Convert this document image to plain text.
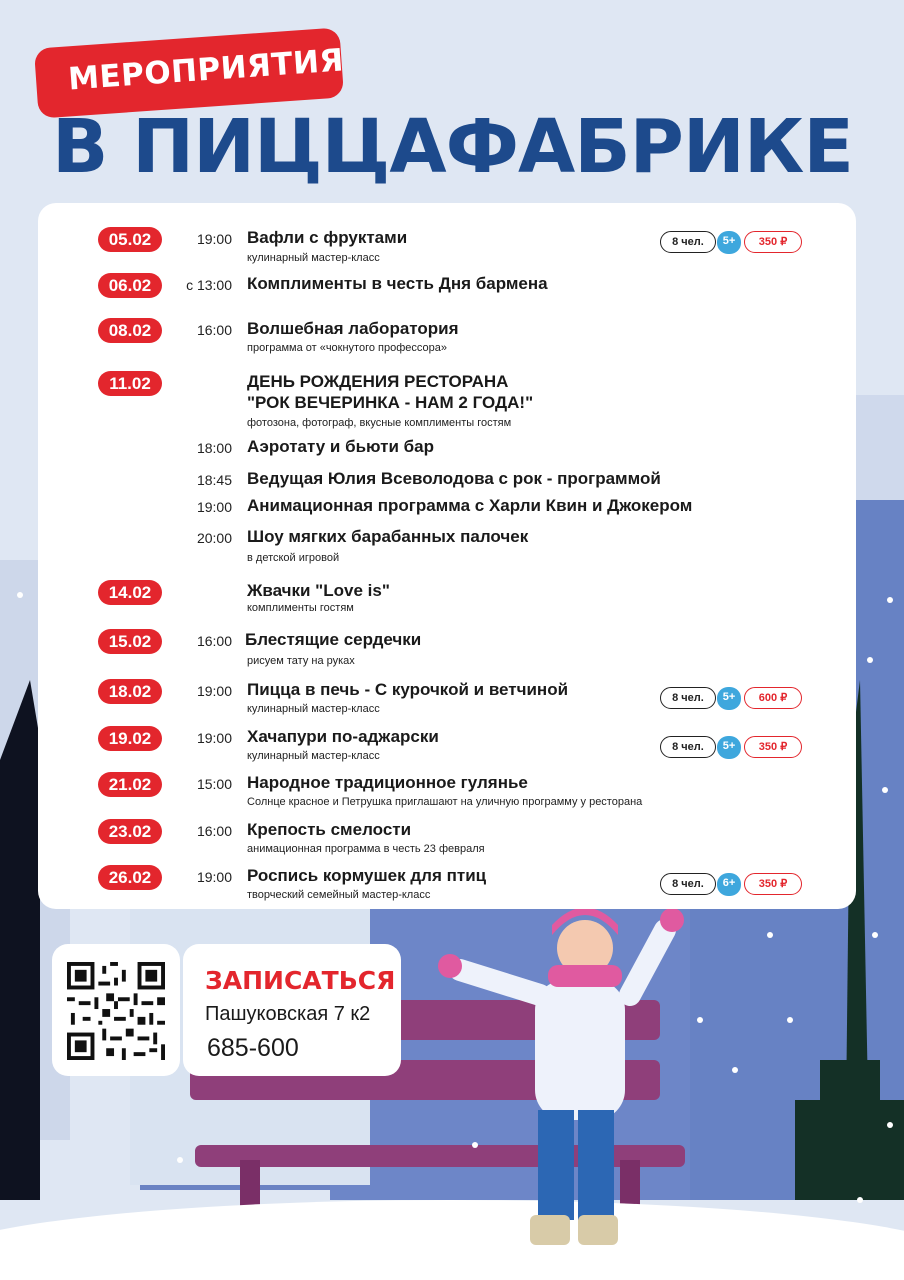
МЕРОПРИЯТИЯ
В ПИЦЦАФАБРИКЕ
05.02	19:00 Вафли с фруктами
кулинарный мастер-класс
8 чел.	5+	350 ₽
06.02	с 13:00 Комплименты в честь Дня бармена
08.02	16:00 Волшебная лаборатория
программа от «чокнутого профессора»
11.02	ДЕНЬ РОЖДЕНИЯ РЕСТОРАНА
"РОК ВЕЧЕРИНКА - НАМ 2 ГОДА!"
фотозона, фотограф, вкусные комплименты гостям
18:00 Аэротату и бьюти бар
18:45 Ведущая Юлия Всеволодова с рок - программой
19:00 Анимационная программа с Харли Квин и Джокером
20:00 Шоу мягких барабанных палочек
в детской игровой
14.02	Жвачки "Love is"
комплименты гостям
15.02	16:00 Блестящие сердечки
рисуем тату на руках
18.02	19:00 Пицца в печь - С курочкой и ветчиной
кулинарный мастер-класс
8 чел.	5+	600 ₽
19.02	19:00 Хачапури по-аджарски
кулинарный мастер-класс
8 чел.	5+	350 ₽
21.02	15:00 Народное традиционное гулянье
Солнце красное и Петрушка приглашают на уличную программу у ресторана
23.02	16:00 Крепость смелости
анимационная программа в честь 23 февраля
26.02	19:00 Роспись кормушек для птиц
творческий семейный мастер-класс
8 чел.	6+	350 ₽
ЗАПИСАТЬСЯ
Пашуковская 7 к2
685-600
